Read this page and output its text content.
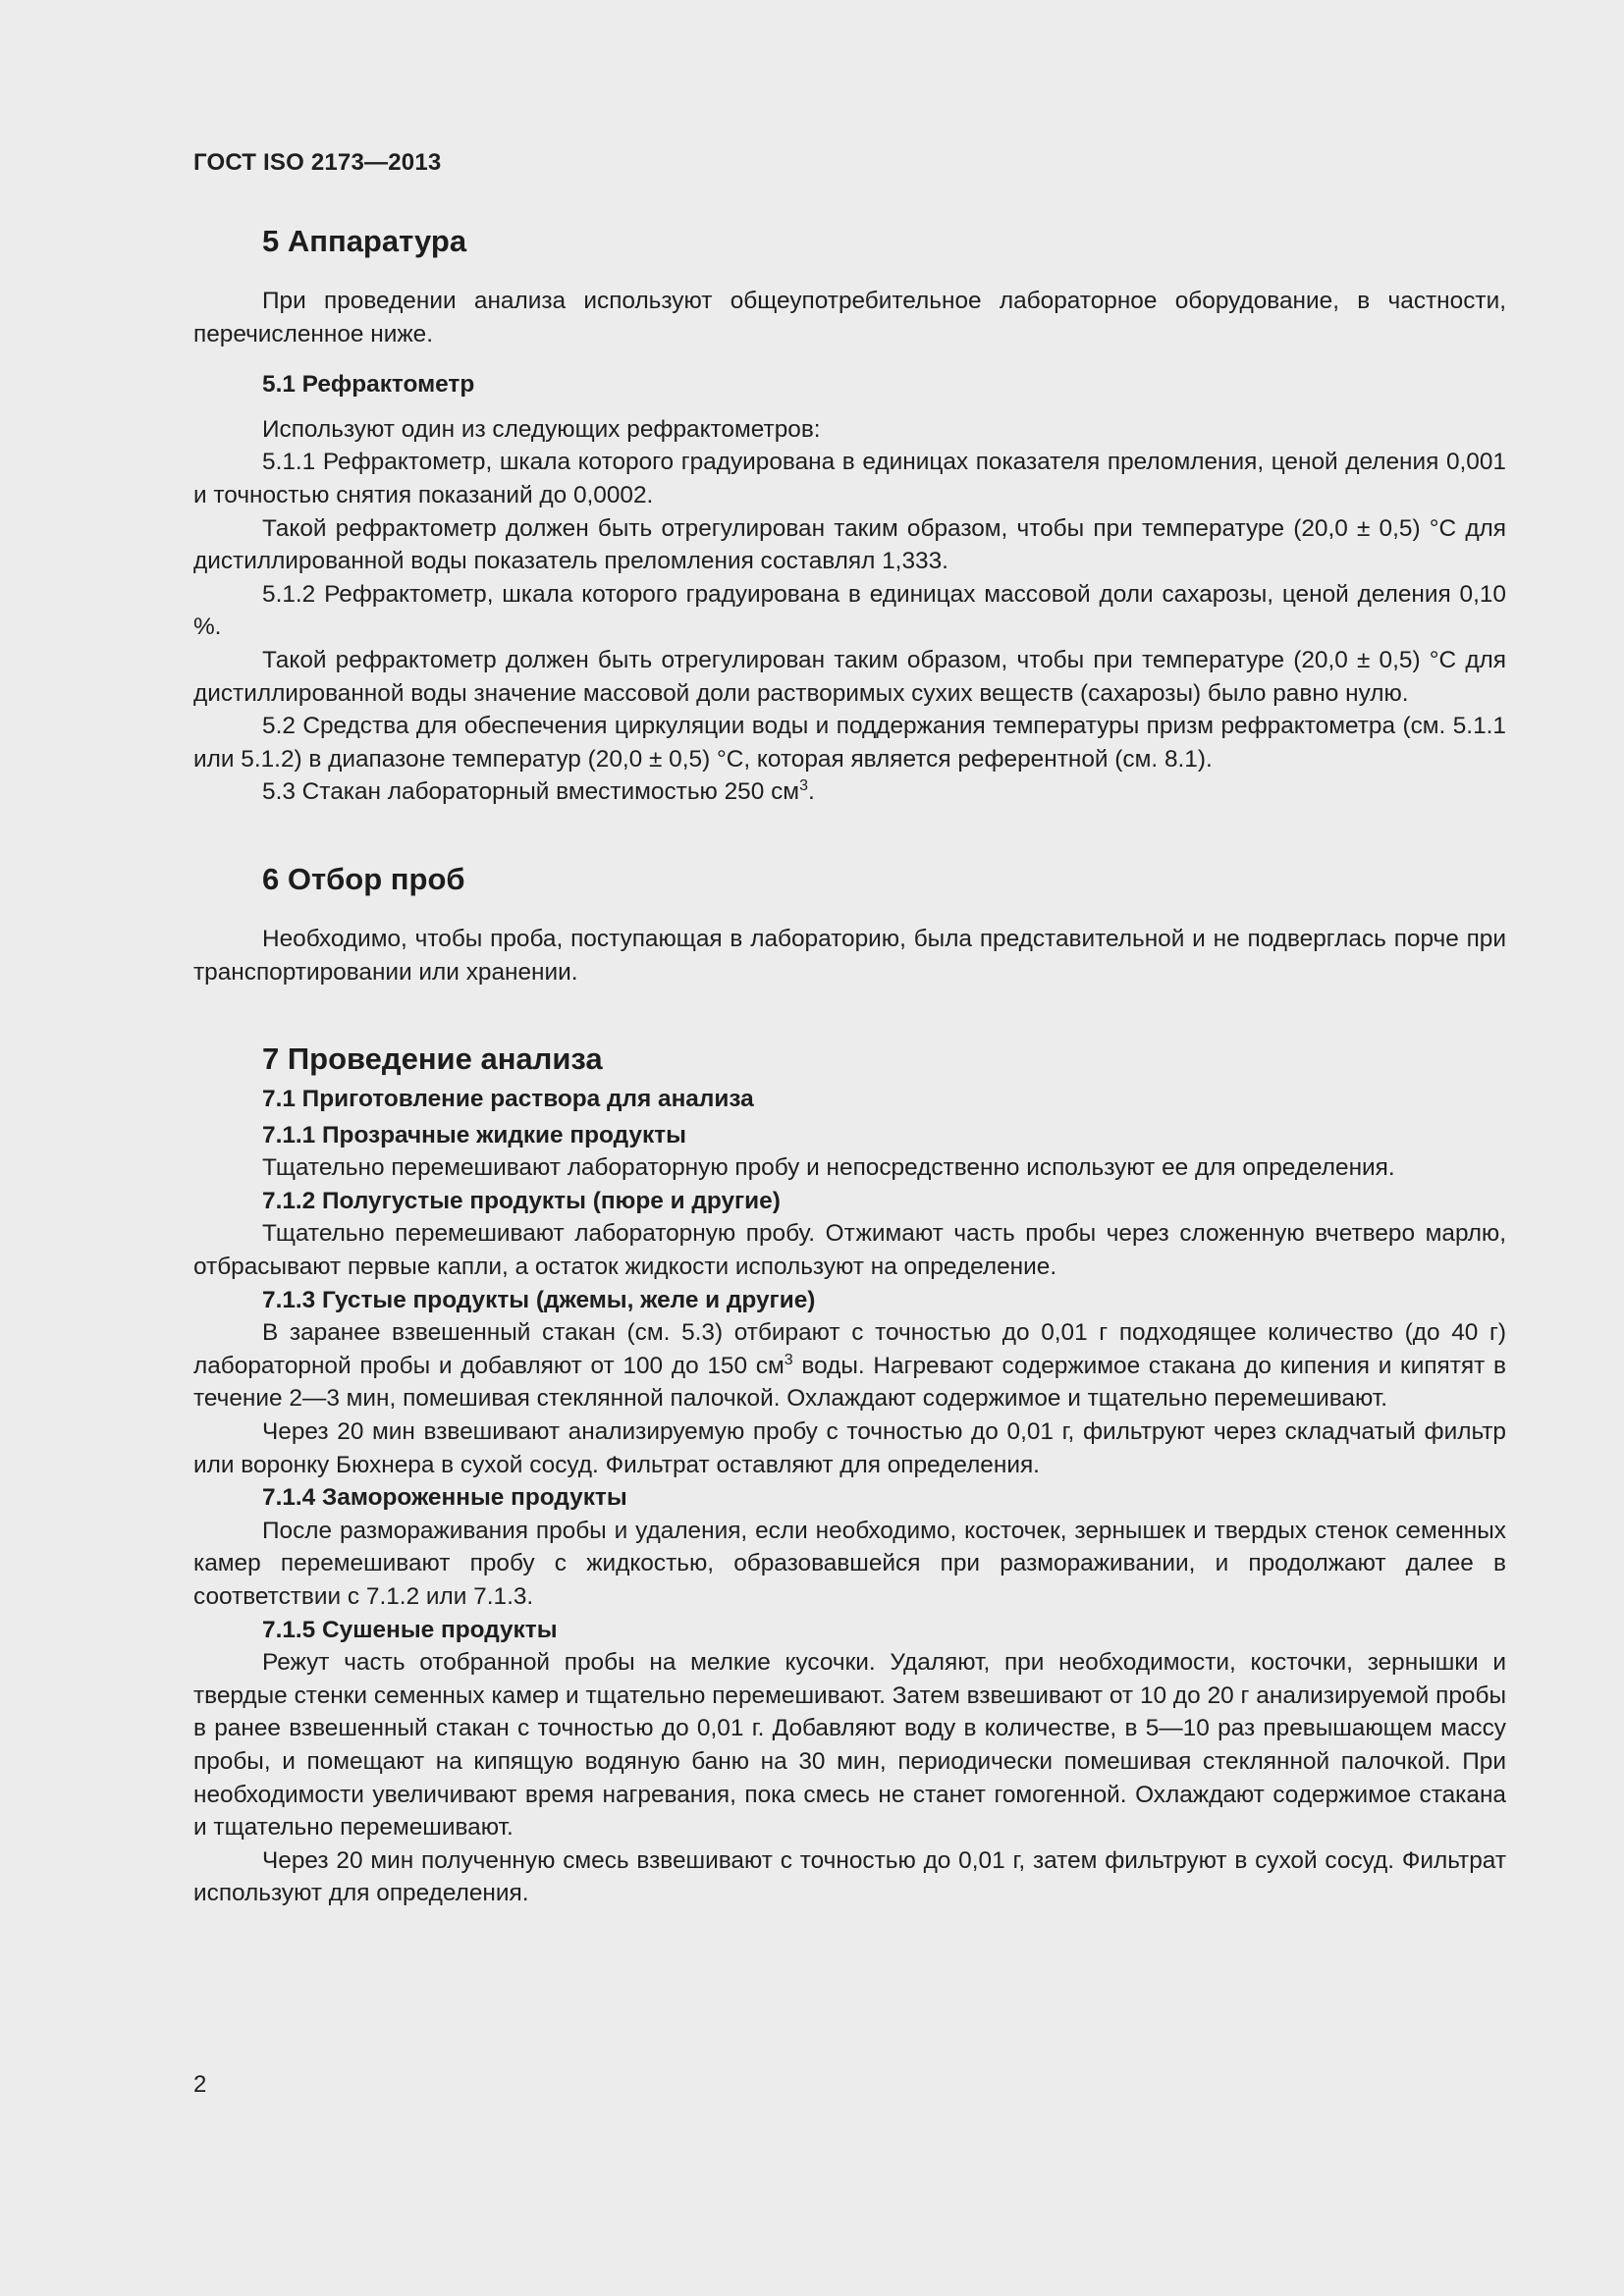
ГОСТ ISO 2173—2013
5 Аппаратура

При проведении анализа используют общеупотребительное лабораторное оборудование, в частности, перечисленное ниже.

5.1 Рефрактометр

Используют один из следующих рефрактометров:

5.1.1 Рефрактометр, шкала которого градуирована в единицах показателя преломления, ценой деления 0,001 и точностью снятия показаний до 0,0002.

Такой рефрактометр должен быть отрегулирован таким образом, чтобы при температуре (20,0 ± 0,5) °С для дистиллированной воды показатель преломления составлял 1,333.

5.1.2 Рефрактометр, шкала которого градуирована в единицах массовой доли сахарозы, ценой деления 0,10 %.

Такой рефрактометр должен быть отрегулирован таким образом, чтобы при температуре (20,0 ± 0,5) °С для дистиллированной воды значение массовой доли растворимых сухих веществ (сахарозы) было равно нулю.

5.2 Средства для обеспечения циркуляции воды и поддержания температуры призм рефрактометра (см. 5.1.1 или 5.1.2) в диапазоне температур (20,0 ± 0,5) °С, которая является референтной (см. 8.1).

5.3 Стакан лабораторный вместимостью 250 $см^3$.

6 Отбор проб

Необходимо, чтобы проба, поступающая в лабораторию, была представительной и не подверглась порче при транспортировании или хранении.

7 Проведение анализа
7.1 Приготовление раствора для анализа
7.1.1 Прозрачные жидкие продукты

Тщательно перемешивают лабораторную пробу и непосредственно используют ее для определения.

7.1.2 Полугустые продукты (пюре и другие)

Тщательно перемешивают лабораторную пробу. Отжимают часть пробы через сложенную вчетверо марлю, отбрасывают первые капли, а остаток жидкости используют на определение.

7.1.3 Густые продукты (джемы, желе и другие)

В заранее взвешенный стакан (см. 5.3) отбирают с точностью до 0,01 г подходящее количество (до 40 г) лабораторной пробы и добавляют от 100 до 150 $см^3$ воды. Нагревают содержимое стакана до кипения и кипятят в течение 2—3 мин, помешивая стеклянной палочкой. Охлаждают содержимое и тщательно перемешивают.

Через 20 мин взвешивают анализируемую пробу с точностью до 0,01 г, фильтруют через складчатый фильтр или воронку Бюхнера в сухой сосуд. Фильтрат оставляют для определения.

7.1.4 Замороженные продукты

После размораживания пробы и удаления, если необходимо, косточек, зернышек и твердых стенок семенных камер перемешивают пробу с жидкостью, образовавшейся при размораживании, и продолжают далее в соответствии с 7.1.2 или 7.1.3.

7.1.5 Сушеные продукты

Режут часть отобранной пробы на мелкие кусочки. Удаляют, при необходимости, косточки, зернышки и твердые стенки семенных камер и тщательно перемешивают. Затем взвешивают от 10 до 20 г анализируемой пробы в ранее взвешенный стакан с точностью до 0,01 г. Добавляют воду в количестве, в 5—10 раз превышающем массу пробы, и помещают на кипящую водяную баню на 30 мин, периодически помешивая стеклянной палочкой. При необходимости увеличивают время нагревания, пока смесь не станет гомогенной. Охлаждают содержимое стакана и тщательно перемешивают.

Через 20 мин полученную смесь взвешивают с точностью до 0,01 г, затем фильтруют в сухой сосуд. Фильтрат используют для определения.

2
